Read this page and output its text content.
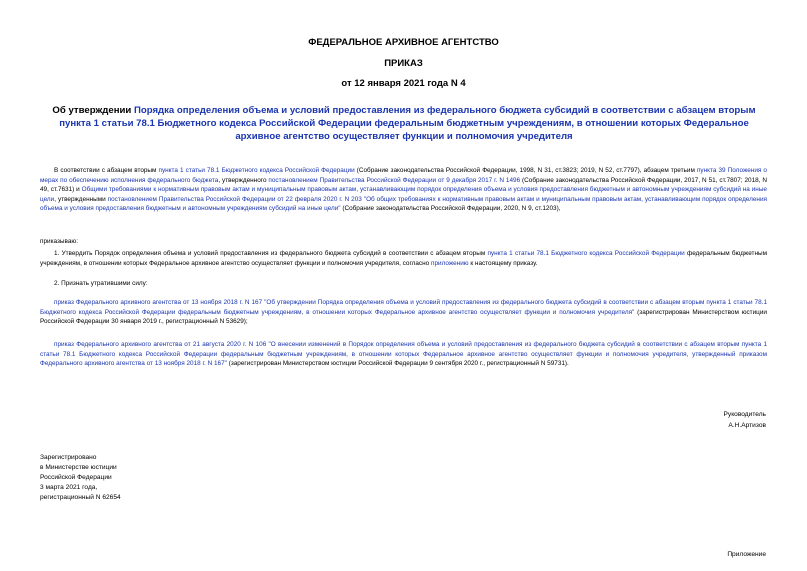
ФЕДЕРАЛЬНОЕ АРХИВНОЕ АГЕНТСТВО
ПРИКАЗ
от 12 января 2021 года N 4
Об утверждении Порядка определения объема и условий предоставления из федерального бюджета субсидий в соответствии с абзацем вторым пункта 1 статьи 78.1 Бюджетного кодекса Российской Федерации федеральным бюджетным учреждениям, в отношении которых Федеральное архивное агентство осуществляет функции и полномочия учредителя
В соответствии с абзацем вторым пункта 1 статьи 78.1 Бюджетного кодекса Российской Федерации (Собрание законодательства Российской Федерации, 1998, N 31, ст.3823; 2019, N 52, ст.7797), абзацем третьим пункта 39 Положения о мерах по обеспечению исполнения федерального бюджета, утвержденного постановлением Правительства Российской Федерации от 9 декабря 2017 г. N 1496 (Собрание законодательства Российской Федерации, 2017, N 51, ст.7807; 2018, N 49, ст.7631) и Общими требованиями к нормативным правовым актам и муниципальным правовым актам, устанавливающим порядок определения объема и условия предоставления бюджетным и автономным учреждениям субсидий на иные цели, утвержденными постановлением Правительства Российской Федерации от 22 февраля 2020 г. N 203 "Об общих требованиях к нормативным правовым актам и муниципальным правовым актам, устанавливающим порядок определения объема и условия предоставления бюджетным и автономным учреждениям субсидий на иные цели" (Собрание законодательства Российской Федерации, 2020, N 9, ст.1203),
приказываю:
1. Утвердить Порядок определения объема и условий предоставления из федерального бюджета субсидий в соответствии с абзацем вторым пункта 1 статьи 78.1 Бюджетного кодекса Российской Федерации федеральным бюджетным учреждениям, в отношении которых Федеральное архивное агентство осуществляет функции и полномочия учредителя, согласно приложению к настоящему приказу.
2. Признать утратившими силу:
приказ Федерального архивного агентства от 13 ноября 2018 г. N 167 "Об утверждении Порядка определения объема и условий предоставления из федерального бюджета субсидий в соответствии с абзацем вторым пункта 1 статьи 78.1 Бюджетного кодекса Российской Федерации федеральным бюджетным учреждениям, в отношении которых Федеральное архивное агентство осуществляет функции и полномочия учредителя" (зарегистрирован Министерством юстиции Российской Федерации 30 января 2019 г., регистрационный N 53629);
приказ Федерального архивного агентства от 21 августа 2020 г. N 106 "О внесении изменений в Порядок определения объема и условий предоставления из федерального бюджета субсидий в соответствии с абзацем вторым пункта 1 статьи 78.1 Бюджетного кодекса Российской Федерации федеральным бюджетным учреждениям, в отношении которых Федеральное архивное агентство осуществляет функции и полномочия учредителя, утвержденный приказом Федерального архивного агентства от 13 ноября 2018 г. N 167" (зарегистрирован Министерством юстиции Российской Федерации 9 сентября 2020 г., регистрационный N 59731).
Руководитель
А.Н.Артизов
Зарегистрировано
в Министерстве юстиции
Российской Федерации
3 марта 2021 года,
регистрационный N 62654
Приложение
